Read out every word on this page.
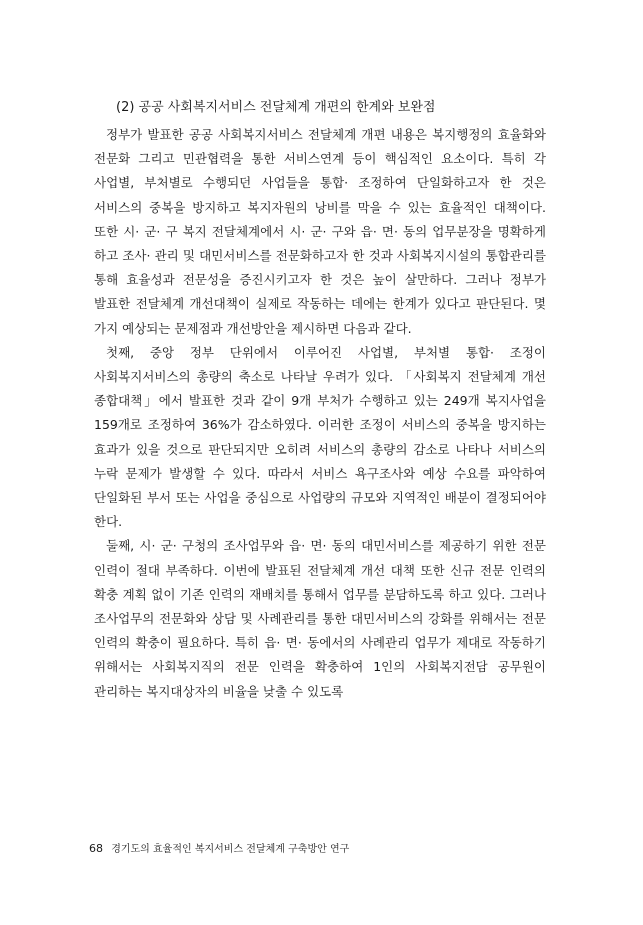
(2) 공공 사회복지서비스 전달체계 개편의 한계와 보완점

정부가 발표한 공공 사회복지서비스 전달체계 개편 내용은 복지행정의 효율화와 전문화 그리고 민관협력을 통한 서비스연계 등이 핵심적인 요소이다. 특히 각 사업별, 부처별로 수행되던 사업들을 통합· 조정하여 단일화하고자 한 것은 서비스의 중복을 방지하고 복지자원의 낭비를 막을 수 있는 효율적인 대책이다. 또한 시· 군· 구 복지 전달체계에서 시· 군· 구와 읍· 면· 동의 업무분장을 명확하게 하고 조사· 관리 및 대민서비스를 전문화하고자 한 것과 사회복지시설의 통합관리를 통해 효율성과 전문성을 증진시키고자 한 것은 높이 살만하다. 그러나 정부가 발표한 전달체계 개선대책이 실제로 작동하는 데에는 한계가 있다고 판단된다. 몇 가지 예상되는 문제점과 개선방안을 제시하면 다음과 같다.

첫째, 중앙 정부 단위에서 이루어진 사업별, 부처별 통합· 조정이 사회복지서비스의 총량의 축소로 나타날 우려가 있다. 「사회복지 전달체계 개선 종합대책」에서 발표한 것과 같이 9개 부처가 수행하고 있는 249개 복지사업을 159개로 조정하여 36%가 감소하였다. 이러한 조정이 서비스의 중복을 방지하는 효과가 있을 것으로 판단되지만 오히려 서비스의 총량의 감소로 나타나 서비스의 누락 문제가 발생할 수 있다. 따라서 서비스 욕구조사와 예상 수요를 파악하여 단일화된 부서 또는 사업을 중심으로 사업량의 규모와 지역적인 배분이 결정되어야 한다.

둘째, 시· 군· 구청의 조사업무와 읍· 면· 동의 대민서비스를 제공하기 위한 전문 인력이 절대 부족하다. 이번에 발표된 전달체계 개선 대책 또한 신규 전문 인력의 확충 계획 없이 기존 인력의 재배치를 통해서 업무를 분담하도록 하고 있다. 그러나 조사업무의 전문화와 상담 및 사례관리를 통한 대민서비스의 강화를 위해서는 전문 인력의 확충이 필요하다. 특히 읍· 면· 동에서의 사례관리 업무가 제대로 작동하기 위해서는 사회복지직의 전문 인력을 확충하여 1인의 사회복지전담 공무원이 관리하는 복지대상자의 비율을 낮출 수 있도록

68 경기도의 효율적인 복지서비스 전달체계 구축방안 연구
